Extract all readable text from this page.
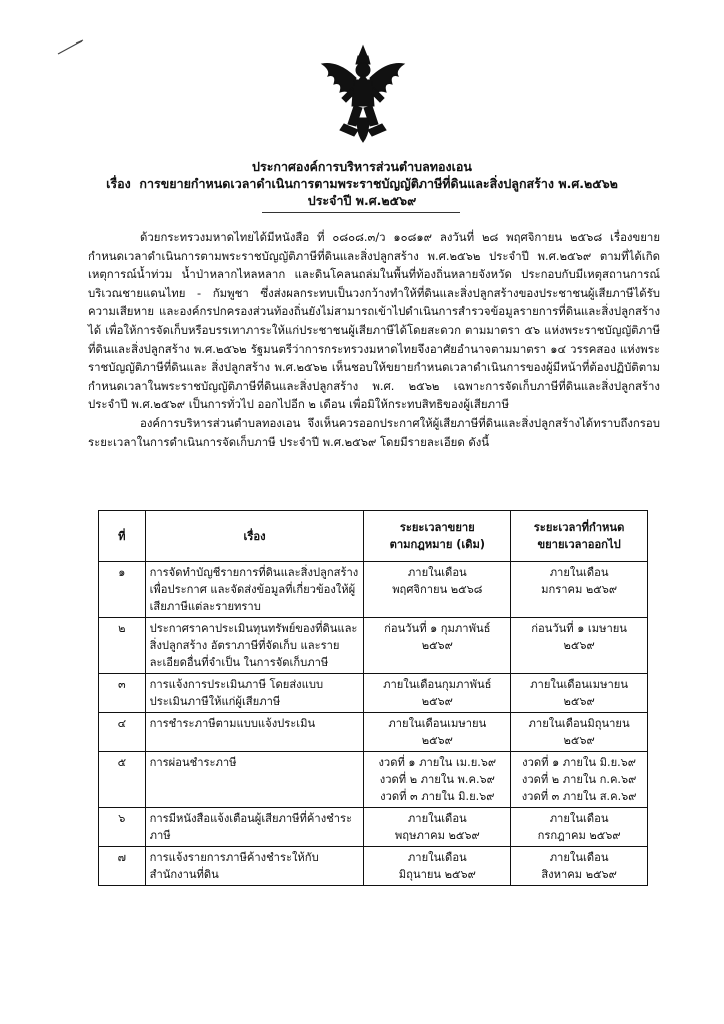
ประกาศองค์การบริหารส่วนตำบลทองเอน
เรื่อง การขยายกำหนดเวลาดำเนินการตามพระราชบัญญัติภาษีที่ดินและสิ่งปลูกสร้าง พ.ศ.๒๕๖๒
ประจำปี พ.ศ.๒๕๖๙

ด้วยกระทรวงมหาดไทยได้มีหนังสือ ที่ ๐๘๐๘.๓/ว ๑๐๘๑๙ ลงวันที่ ๒๘ พฤศจิกายน ๒๕๖๘ เรื่องขยายกำหนดเวลาดำเนินการตามพระราชบัญญัติภาษีที่ดินและสิ่งปลูกสร้าง พ.ศ.๒๕๖๒ ประจำปี พ.ศ.๒๕๖๙ ตามที่ได้เกิดเหตุการณ์น้ำท่วม น้ำป่าหลากไหลหลาก และดินโคลนถล่มในพื้นที่ท้องถิ่นหลายจังหวัด ประกอบกับมีเหตุสถานการณ์บริเวณชายแดนไทย - กัมพูชา ซึ่งส่งผลกระทบเป็นวงกว้างทำให้ที่ดินและสิ่งปลูกสร้างของประชาชนผู้เสียภาษีได้รับความเสียหาย และองค์กรปกครองส่วนท้องถิ่นยังไม่สามารถเข้าไปดำเนินการสำรวจข้อมูลรายการที่ดินและสิ่งปลูกสร้างได้ เพื่อให้การจัดเก็บหรือบรรเทาภาระให้แก่ประชาชนผู้เสียภาษีได้โดยสะดวก ตามมาตรา ๕๖ แห่งพระราชบัญญัติภาษีที่ดินและสิ่งปลูกสร้าง พ.ศ.๒๕๖๒ รัฐมนตรีว่าการกระทรวงมหาดไทยจึงอาศัยอำนาจตามมาตรา ๑๔ วรรคสอง แห่งพระราชบัญญัติภาษีที่ดินและ สิ่งปลูกสร้าง พ.ศ.๒๕๖๒ เห็นชอบให้ขยายกำหนดเวลาดำเนินการของผู้มีหน้าที่ต้องปฏิบัติตามกำหนดเวลาในพระราชบัญญัติภาษีที่ดินและสิ่งปลูกสร้าง พ.ศ. ๒๕๖๒ เฉพาะการจัดเก็บภาษีที่ดินและสิ่งปลูกสร้าง ประจำปี พ.ศ.๒๕๖๙ เป็นการทั่วไป ออกไปอีก ๒ เดือน เพื่อมิให้กระทบสิทธิของผู้เสียภาษี

องค์การบริหารส่วนตำบลทองเอน จึงเห็นควรออกประกาศให้ผู้เสียภาษีที่ดินและสิ่งปลูกสร้างได้ทราบถึงกรอบระยะเวลาในการดำเนินการจัดเก็บภาษี ประจำปี พ.ศ.๒๕๖๙ โดยมีรายละเอียด ดังนี้

ที่	เรื่อง	ระยะเวลาขยาย
ตามกฎหมาย (เดิม)	ระยะเวลาที่กำหนด
ขยายเวลาออกไป

๑	การจัดทำบัญชีรายการที่ดินและสิ่งปลูกสร้าง เพื่อประกาศ และจัดส่งข้อมูลที่เกี่ยวข้องให้ผู้เสียภาษีแต่ละรายทราบ	ภายในเดือน
พฤศจิกายน ๒๕๖๘	ภายในเดือน
มกราคม ๒๕๖๙

๒	ประกาศราคาประเมินทุนทรัพย์ของที่ดินและสิ่งปลูกสร้าง อัตราภาษีที่จัดเก็บ และรายละเอียดอื่นที่จำเป็น ในการจัดเก็บภาษี	ก่อนวันที่ ๑ กุมภาพันธ์
๒๕๖๙	ก่อนวันที่ ๑ เมษายน
๒๕๖๙

๓	การแจ้งการประเมินภาษี โดยส่งแบบประเมินภาษีให้แก่ผู้เสียภาษี	ภายในเดือนกุมภาพันธ์
๒๕๖๙	ภายในเดือนเมษายน
๒๕๖๙

๔	การชำระภาษีตามแบบแจ้งประเมิน	ภายในเดือนเมษายน
๒๕๖๙	ภายในเดือนมิถุนายน
๒๕๖๙

๕	การผ่อนชำระภาษี	งวดที่ ๑ ภายใน เม.ย.๖๙
งวดที่ ๒ ภายใน พ.ค.๖๙
งวดที่ ๓ ภายใน มิ.ย.๖๙	งวดที่ ๑ ภายใน มิ.ย.๖๙
งวดที่ ๒ ภายใน ก.ค.๖๙
งวดที่ ๓ ภายใน ส.ค.๖๙

๖	การมีหนังสือแจ้งเตือนผู้เสียภาษีที่ค้างชำระภาษี	ภายในเดือน
พฤษภาคม ๒๕๖๙	ภายในเดือน
กรกฎาคม ๒๕๖๙

๗	การแจ้งรายการภาษีค้างชำระให้กับสำนักงานที่ดิน	ภายในเดือน
มิถุนายน ๒๕๖๙	ภายในเดือน
สิงหาคม ๒๕๖๙
